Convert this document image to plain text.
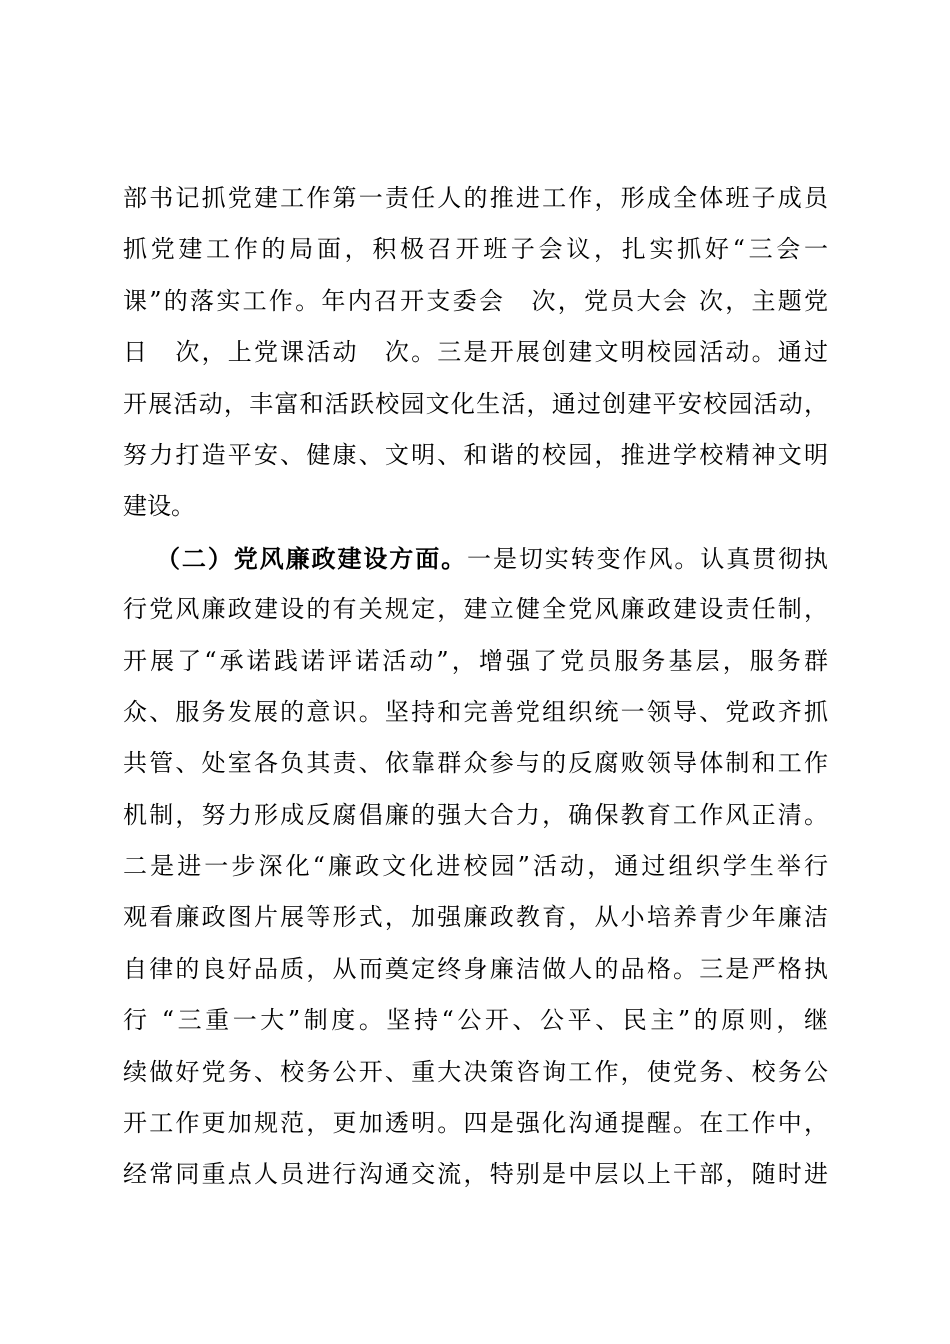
部书记抓党建工作第一责任人的推进工作，形成全体班子成员
抓党建工作的局面，积极召开班子会议，扎实抓好“三会一
课”的落实工作。年内召开支委会　次，党员大会 次，主题党
日　次，上党课活动　次。三是开展创建文明校园活动。通过
开展活动，丰富和活跃校园文化生活，通过创建平安校园活动，
努力打造平安、健康、文明、和谐的校园，推进学校精神文明
建设。
（二）党风廉政建设方面。一是切实转变作风。认真贯彻执
行党风廉政建设的有关规定，建立健全党风廉政建设责任制，
开展了“承诺践诺评诺活动”，增强了党员服务基层，服务群
众、服务发展的意识。坚持和完善党组织统一领导、党政齐抓
共管、处室各负其责、依靠群众参与的反腐败领导体制和工作
机制，努力形成反腐倡廉的强大合力，确保教育工作风正清。
二是进一步深化“廉政文化进校园”活动，通过组织学生举行
观看廉政图片展等形式，加强廉政教育，从小培养青少年廉洁
自律的良好品质，从而奠定终身廉洁做人的品格。三是严格执
行 “三重一大”制度。坚持“公开、公平、民主”的原则，继
续做好党务、校务公开、重大决策咨询工作，使党务、校务公
开工作更加规范，更加透明。四是强化沟通提醒。在工作中，
经常同重点人员进行沟通交流，特别是中层以上干部，随时进
